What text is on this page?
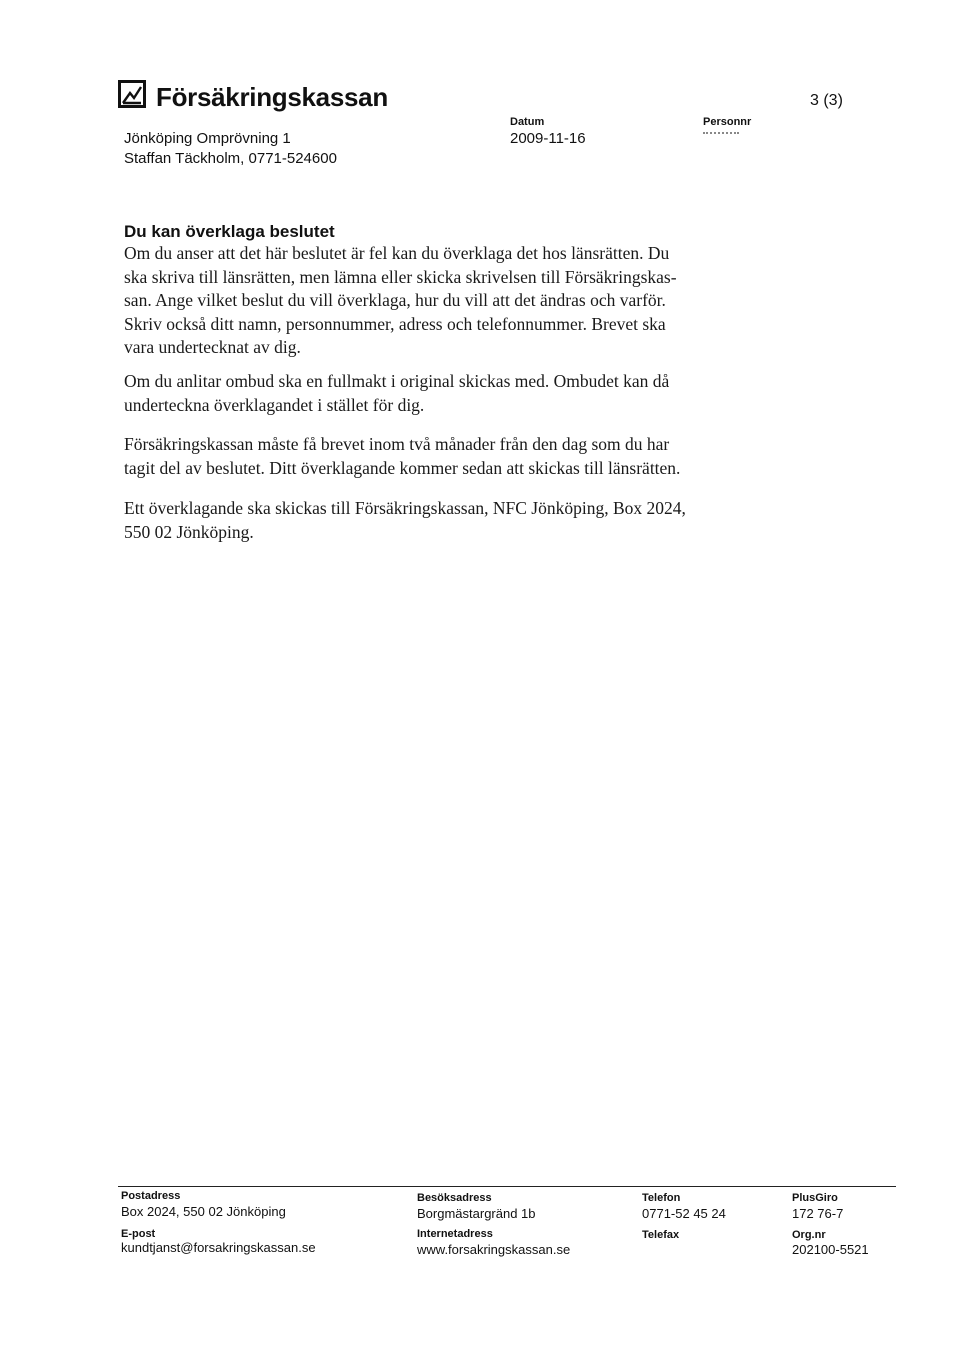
Försäkringskassan	3 (3)
Jönköping Omprövning 1
Staffan Täckholm, 0771-524600
Datum
2009-11-16
Personnr
Du kan överklaga beslutet

Om du anser att det här beslutet är fel kan du överklaga det hos länsrätten. Du

ska skriva till länsrätten, men lämna eller skicka skrivelsen till Försäkringskas-

san. Ange vilket beslut du vill överklaga, hur du vill att det ändras och varför.

Skriv också ditt namn, personnummer, adress och telefonnummer. Brevet ska

vara undertecknat av dig.

Om du anlitar ombud ska en fullmakt i original skickas med. Ombudet kan då

underteckna överklagandet i stället för dig.

Försäkringskassan måste få brevet inom två månader från den dag som du har

tagit del av beslutet. Ditt överklagande kommer sedan att skickas till länsrätten.

Ett överklagande ska skickas till Försäkringskassan, NFC Jönköping, Box 2024,

550 02 Jönköping.

Postadress
Box 2024, 550 02 Jönköping
E-post
kundtjanst@forsakringskassan.se
Besöksadress
Borgmästargränd 1b
Internetadress
www.forsakringskassan.se
Telefon
0771-52 45 24
Telefax
PlusGiro
172 76-7
Org.nr
202100-5521
